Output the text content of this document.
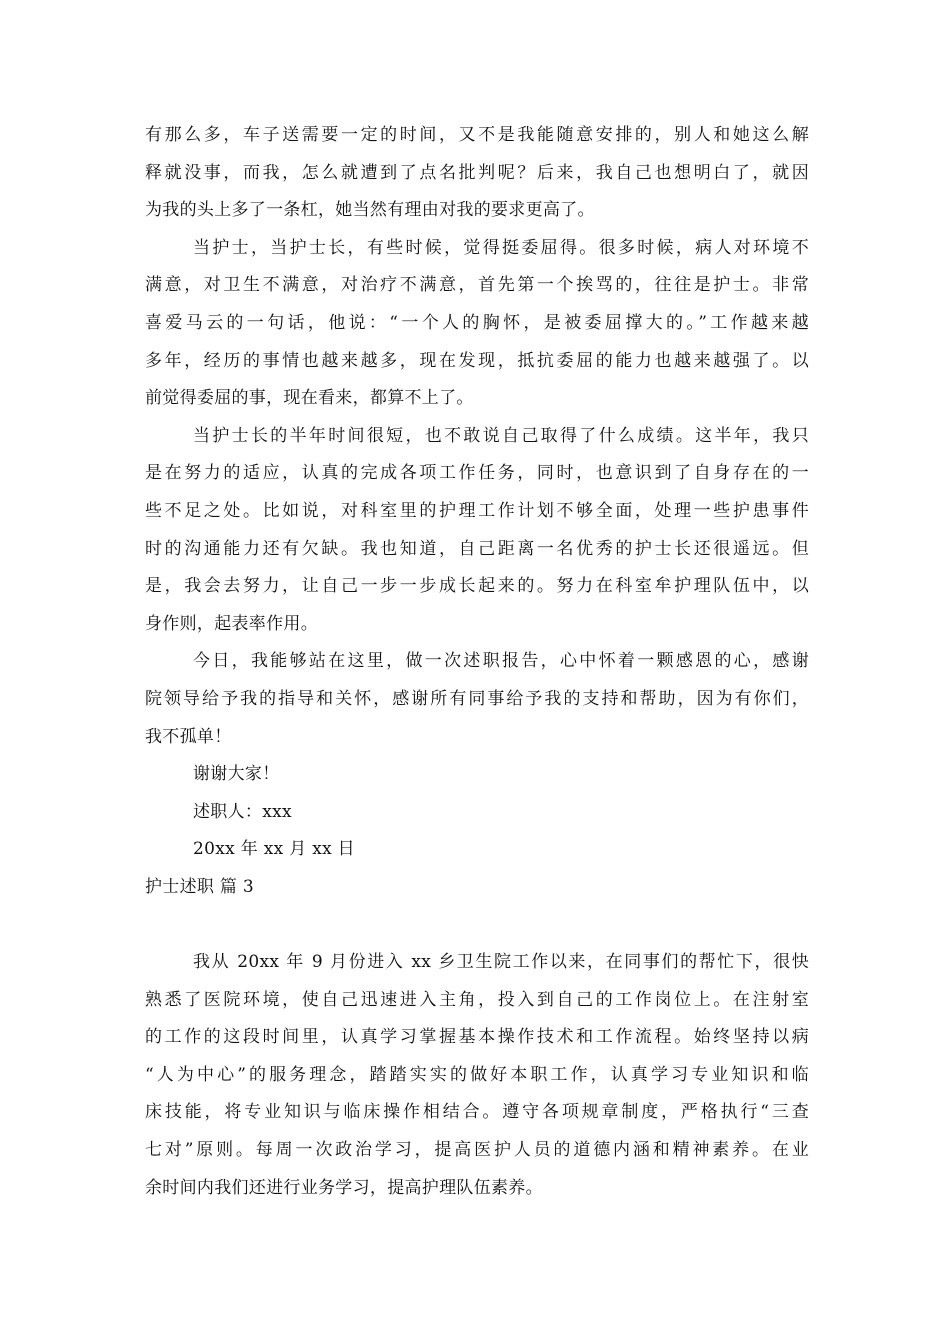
有那么多，车子送需要一定的时间，又不是我能随意安排的，别人和她这么解
释就没事，而我，怎么就遭到了点名批判呢？后来，我自己也想明白了，就因
为我的头上多了一条杠，她当然有理由对我的要求更高了。
当护士，当护士长，有些时候，觉得挺委屈得。很多时候，病人对环境不
满意，对卫生不满意，对治疗不满意，首先第一个挨骂的，往往是护士。非常
喜爱马云的一句话，他说：“一个人的胸怀，是被委屈撑大的。”工作越来越
多年，经历的事情也越来越多，现在发现，抵抗委屈的能力也越来越强了。以
前觉得委屈的事，现在看来，都算不上了。
当护士长的半年时间很短，也不敢说自己取得了什么成绩。这半年，我只
是在努力的适应，认真的完成各项工作任务，同时，也意识到了自身存在的一
些不足之处。比如说，对科室里的护理工作计划不够全面，处理一些护患事件
时的沟通能力还有欠缺。我也知道，自己距离一名优秀的护士长还很遥远。但
是，我会去努力，让自己一步一步成长起来的。努力在科室牟护理队伍中，以
身作则，起表率作用。
今日，我能够站在这里，做一次述职报告，心中怀着一颗感恩的心，感谢
院领导给予我的指导和关怀，感谢所有同事给予我的支持和帮助，因为有你们，
我不孤单！
谢谢大家！
述职人：xxx
20xx 年 xx 月 xx 日
护士述职 篇 3
我从 20xx 年 9 月份进入 xx 乡卫生院工作以来，在同事们的帮忙下，很快
熟悉了医院环境，使自己迅速进入主角，投入到自己的工作岗位上。在注射室
的工作的这段时间里，认真学习掌握基本操作技术和工作流程。始终坚持以病
“人为中心”的服务理念，踏踏实实的做好本职工作，认真学习专业知识和临
床技能，将专业知识与临床操作相结合。遵守各项规章制度，严格执行“三查
七对”原则。每周一次政治学习，提高医护人员的道德内涵和精神素养。在业
余时间内我们还进行业务学习，提高护理队伍素养。
